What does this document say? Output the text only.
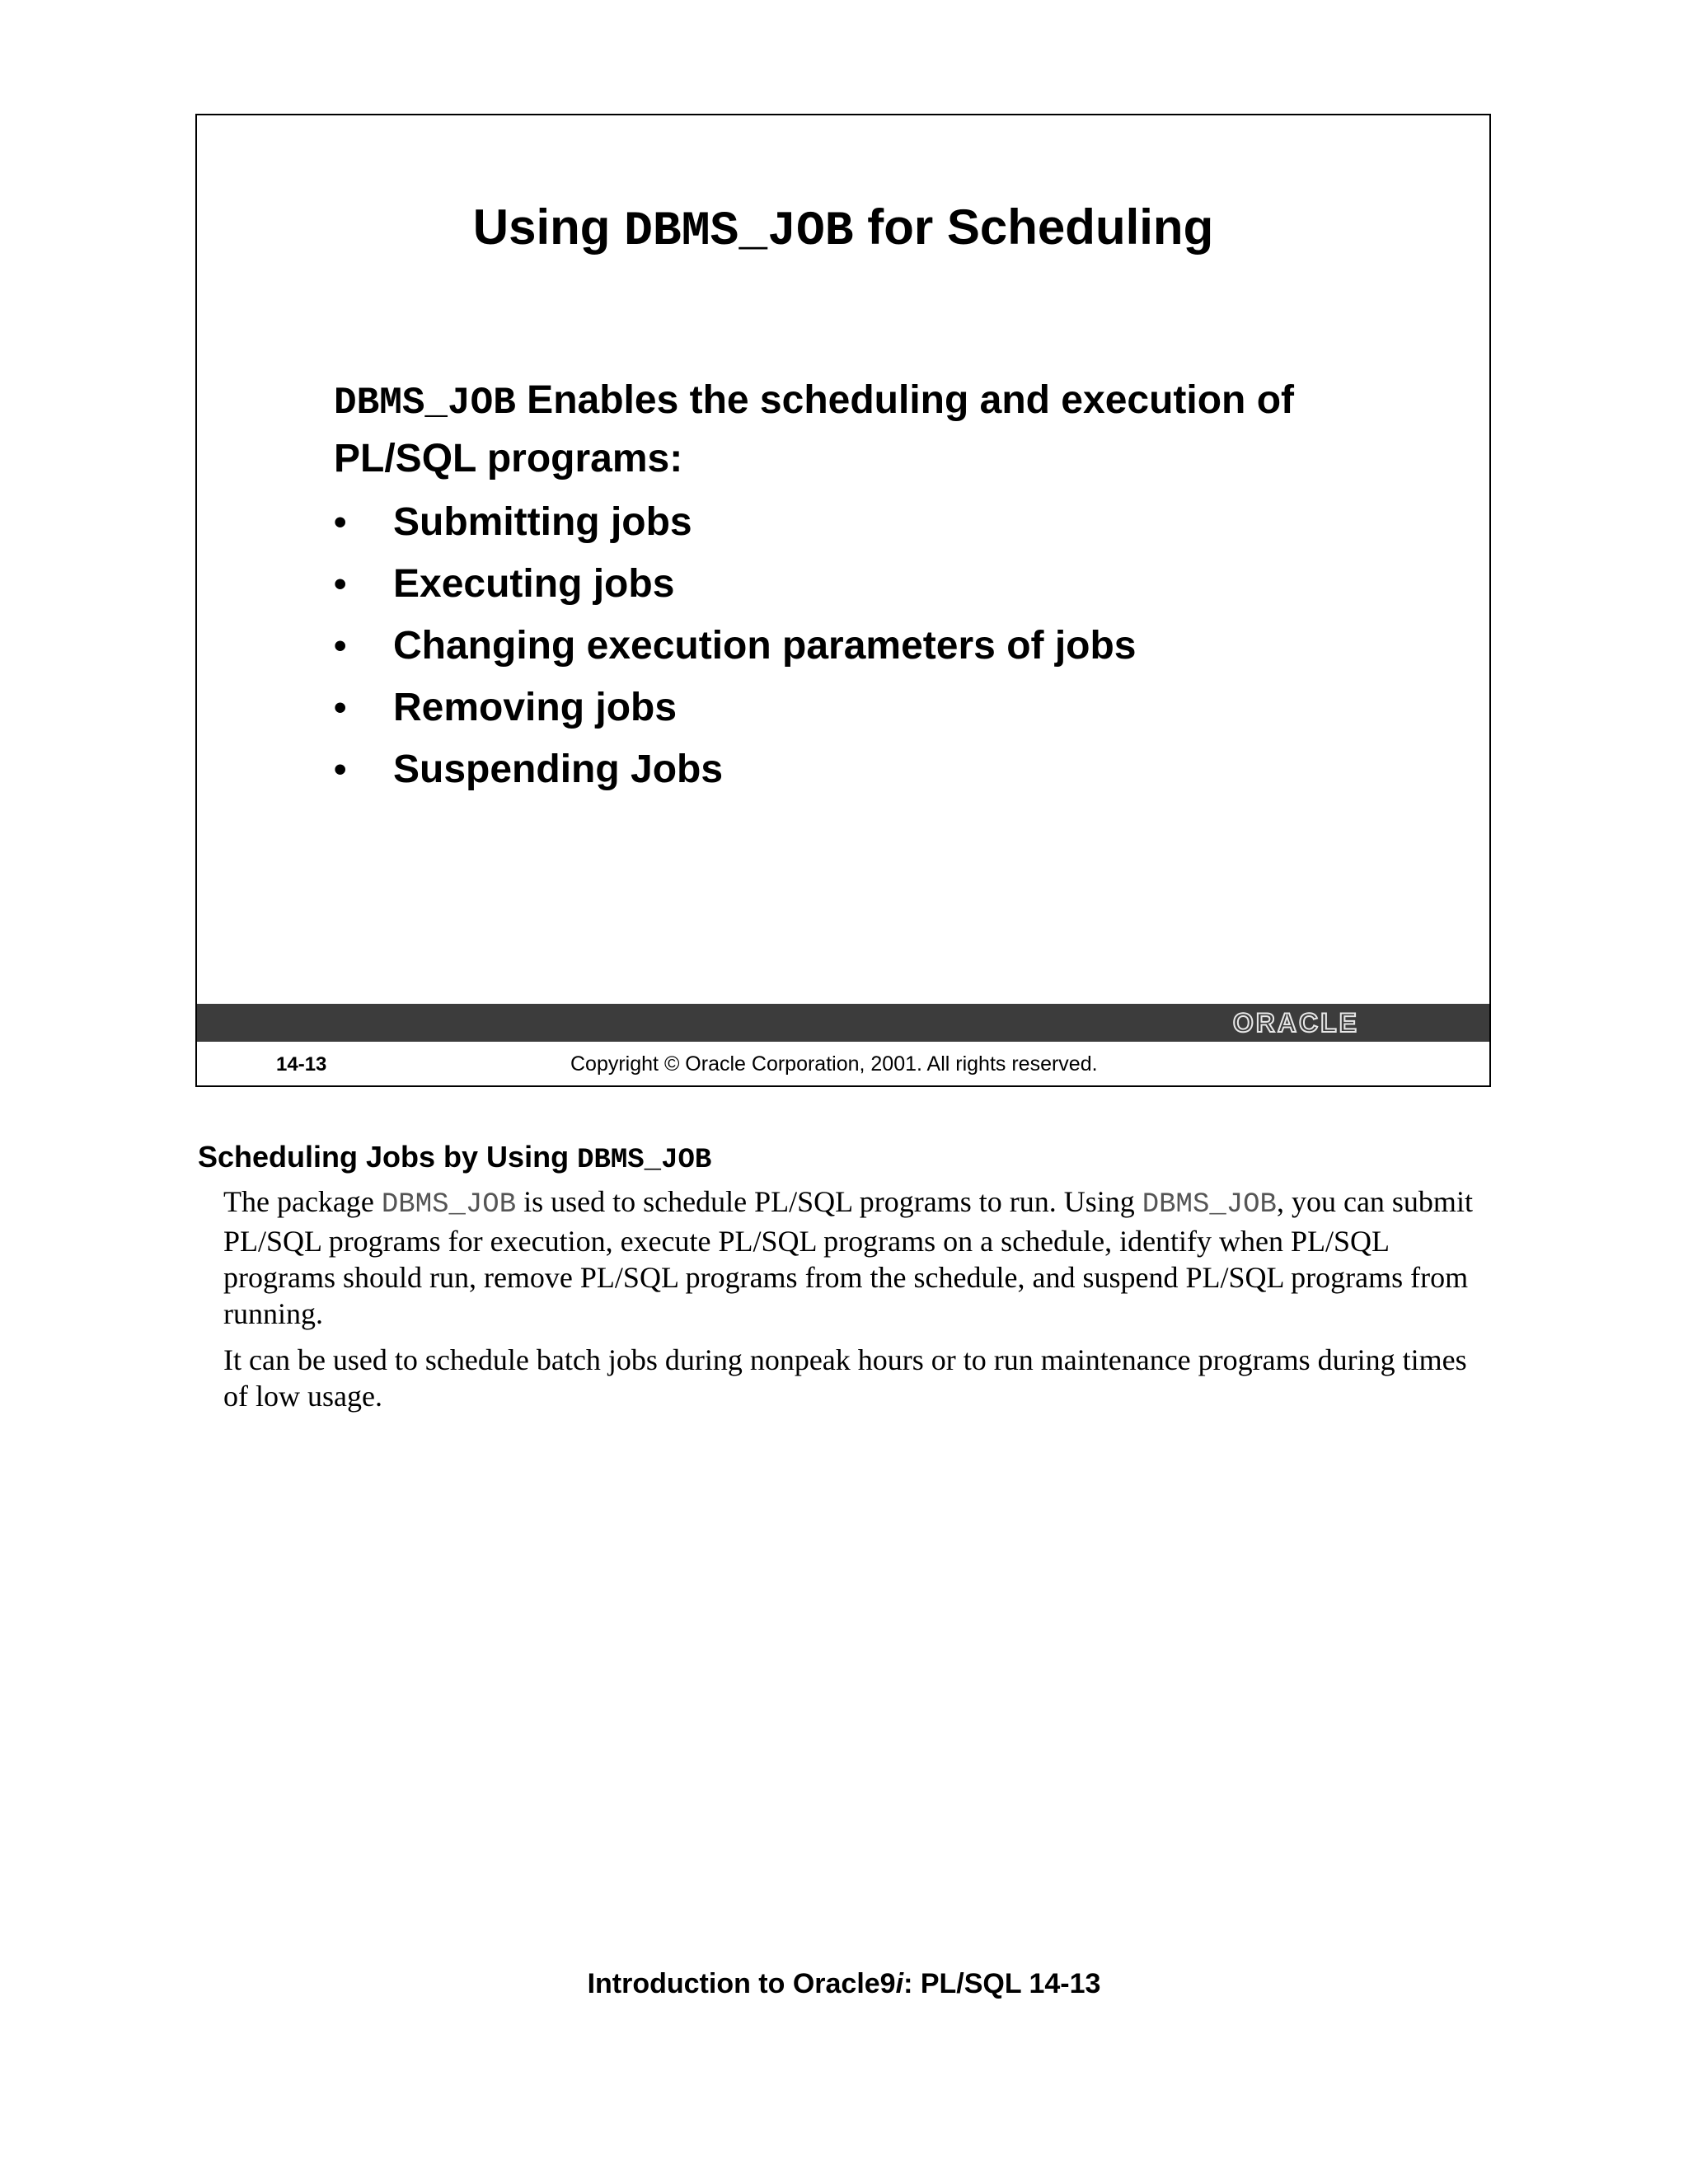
Using DBMS_JOB for Scheduling
DBMS_JOB Enables the scheduling and execution of
PL/SQL programs:
• Submitting jobs
• Executing jobs
• Changing execution parameters of jobs
• Removing jobs
• Suspending Jobs
ORACLE
14-13	Copyright © Oracle Corporation, 2001. All rights reserved.
Scheduling Jobs by Using DBMS_JOB
The package DBMS_JOB is used to schedule PL/SQL programs to run. Using DBMS_JOB, you can submit PL/SQL programs for execution, execute PL/SQL programs on a schedule, identify when PL/SQL programs should run, remove PL/SQL programs from the schedule, and suspend PL/SQL programs from running.
It can be used to schedule batch jobs during nonpeak hours or to run maintenance programs during times of low usage.
Introduction to Oracle9i: PL/SQL 14-13
